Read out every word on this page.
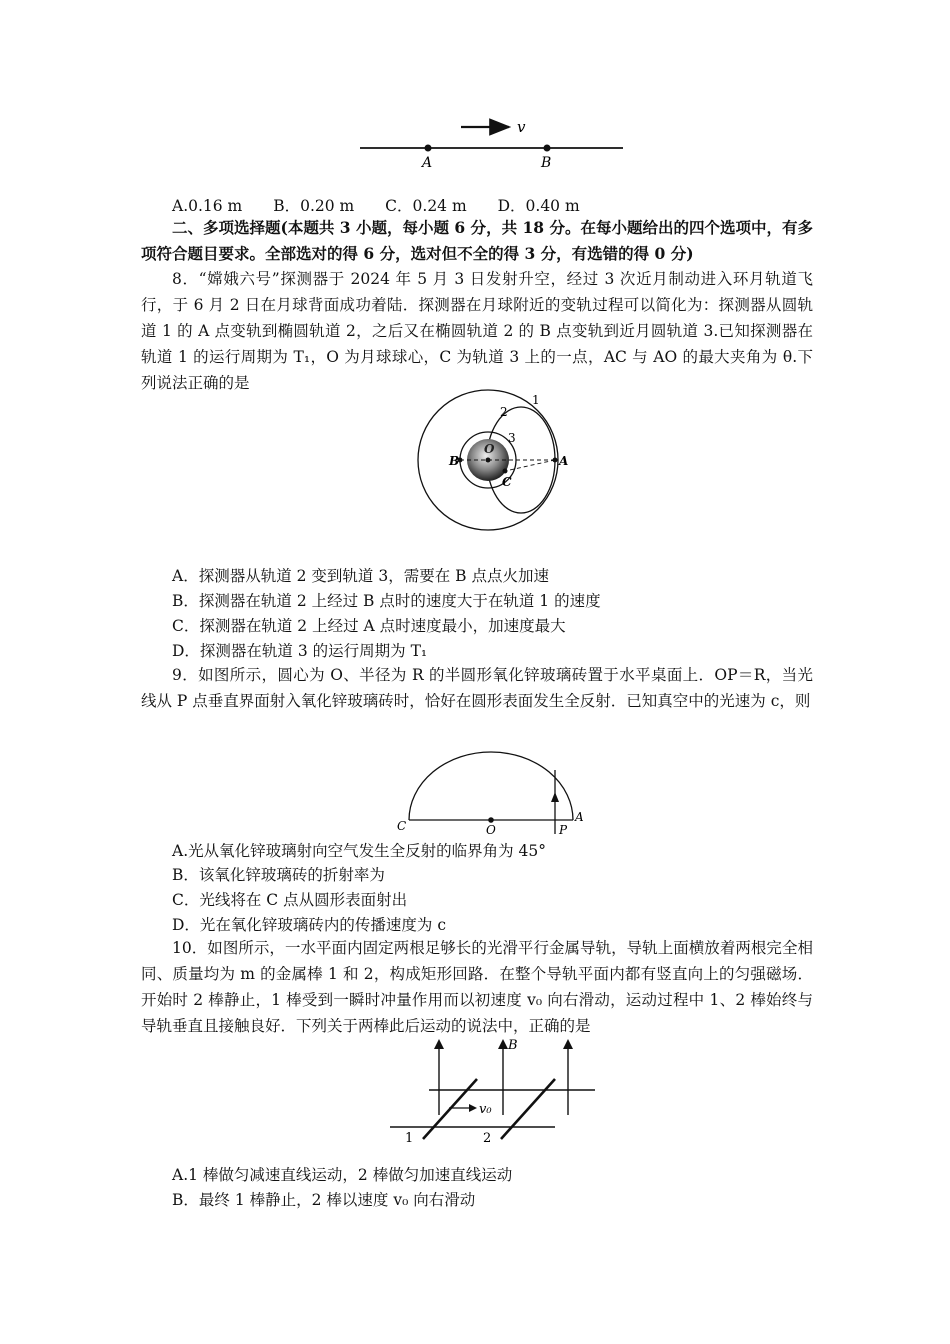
v
A	B
A.0.16 m B．0.20 m C．0.24 m D．0.40 m
二、多项选择题(本题共 3 小题，每小题 6 分，共 18 分。在每小题给出的四个选项中，有多项符合题目要求。全部选对的得 6 分，选对但不全的得 3 分，有选错的得 0 分)
8．“嫦娥六号”探测器于 2024 年 5 月 3 日发射升空，经过 3 次近月制动进入环月轨道飞行，于 6 月 2 日在月球背面成功着陆．探测器在月球附近的变轨过程可以简化为：探测器从圆轨道 1 的 A 点变轨到椭圆轨道 2，之后又在椭圆轨道 2 的 B 点变轨到近月圆轨道 3.已知探测器在轨道 1 的运行周期为 T₁，O 为月球球心，C 为轨道 3 上的一点，AC 与 AO 的最大夹角为 θ.下列说法正确的是
1
2
3
O
B	A
C
A．探测器从轨道 2 变到轨道 3，需要在 B 点点火加速
B．探测器在轨道 2 上经过 B 点时的速度大于在轨道 1 的速度
C．探测器在轨道 2 上经过 A 点时速度最小，加速度最大
D．探测器在轨道 3 的运行周期为 T₁
9．如图所示，圆心为 O、半径为 R 的半圆形氧化锌玻璃砖置于水平桌面上．OP＝R，当光线从 P 点垂直界面射入氧化锌玻璃砖时，恰好在圆形表面发生全反射．已知真空中的光速为 c，则
C	O	P
A
A.光从氧化锌玻璃射向空气发生全反射的临界角为 45°
B．该氧化锌玻璃砖的折射率为
C．光线将在 C 点从圆形表面射出
D．光在氧化锌玻璃砖内的传播速度为 c
10．如图所示，一水平面内固定两根足够长的光滑平行金属导轨，导轨上面横放着两根完全相同、质量均为 m 的金属棒 1 和 2，构成矩形回路．在整个导轨平面内都有竖直向上的匀强磁场．开始时 2 棒静止，1 棒受到一瞬时冲量作用而以初速度 v₀ 向右滑动，运动过程中 1、2 棒始终与导轨垂直且接触良好．下列关于两棒此后运动的说法中，正确的是
v₀
B
1	2
A.1 棒做匀减速直线运动，2 棒做匀加速直线运动
B．最终 1 棒静止，2 棒以速度 v₀ 向右滑动
